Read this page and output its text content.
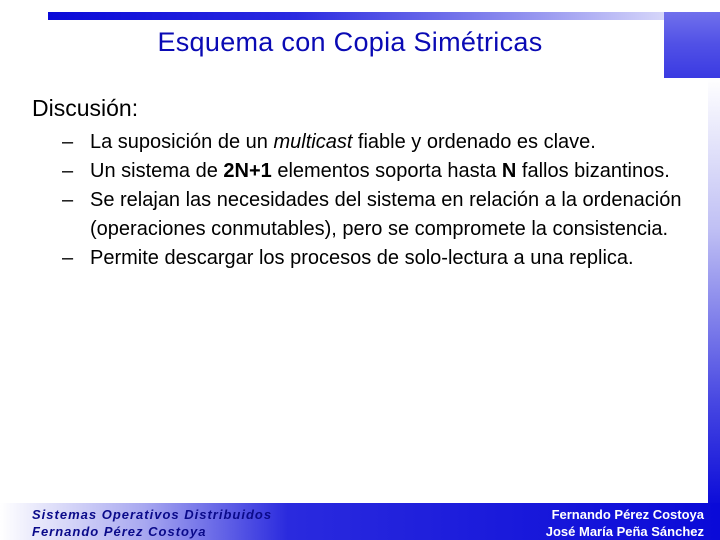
Esquema con Copia Simétricas
Discusión:
– La suposición de un multicast fiable y ordenado es clave.
– Un sistema de 2N+1 elementos soporta hasta N fallos bizantinos.
– Se relajan las necesidades del sistema en relación a la ordenación (operaciones conmutables), pero se compromete la consistencia.
– Permite descargar los procesos de solo-lectura a una replica.
Sistemas Operativos Distribuidos
Fernando Pérez Costoya
Fernando Pérez Costoya
José María Peña Sánchez
